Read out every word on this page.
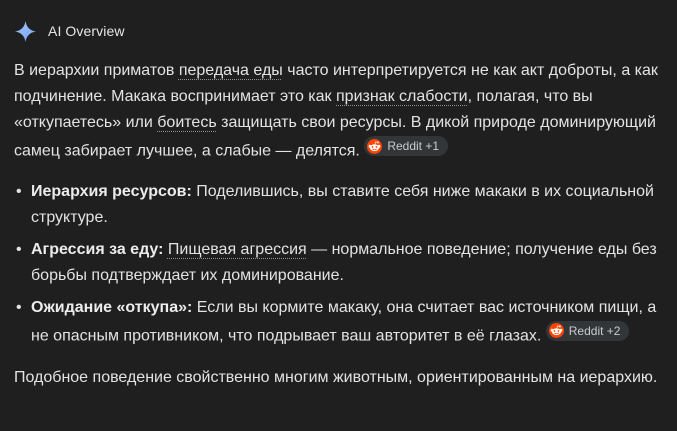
AI Overview

В иерархии приматов передача еды часто интерпретируется не как акт доброты, а как подчинение. Макака воспринимает это как признак слабости, полагая, что вы «откупаетесь» или боитесь защищать свои ресурсы. В дикой природе доминирующий самец забирает лучшее, а слабые — делятся. Reddit +1

• Иерархия ресурсов: Поделившись, вы ставите себя ниже макаки в их социальной структуре.
• Агрессия за еду: Пищевая агрессия — нормальное поведение; получение еды без борьбы подтверждает их доминирование.
• Ожидание «откупа»: Если вы кормите макаку, она считает вас источником пищи, а не опасным противником, что подрывает ваш авторитет в её глазах. Reddit +2

Подобное поведение свойственно многим животным, ориентированным на иерархию.
